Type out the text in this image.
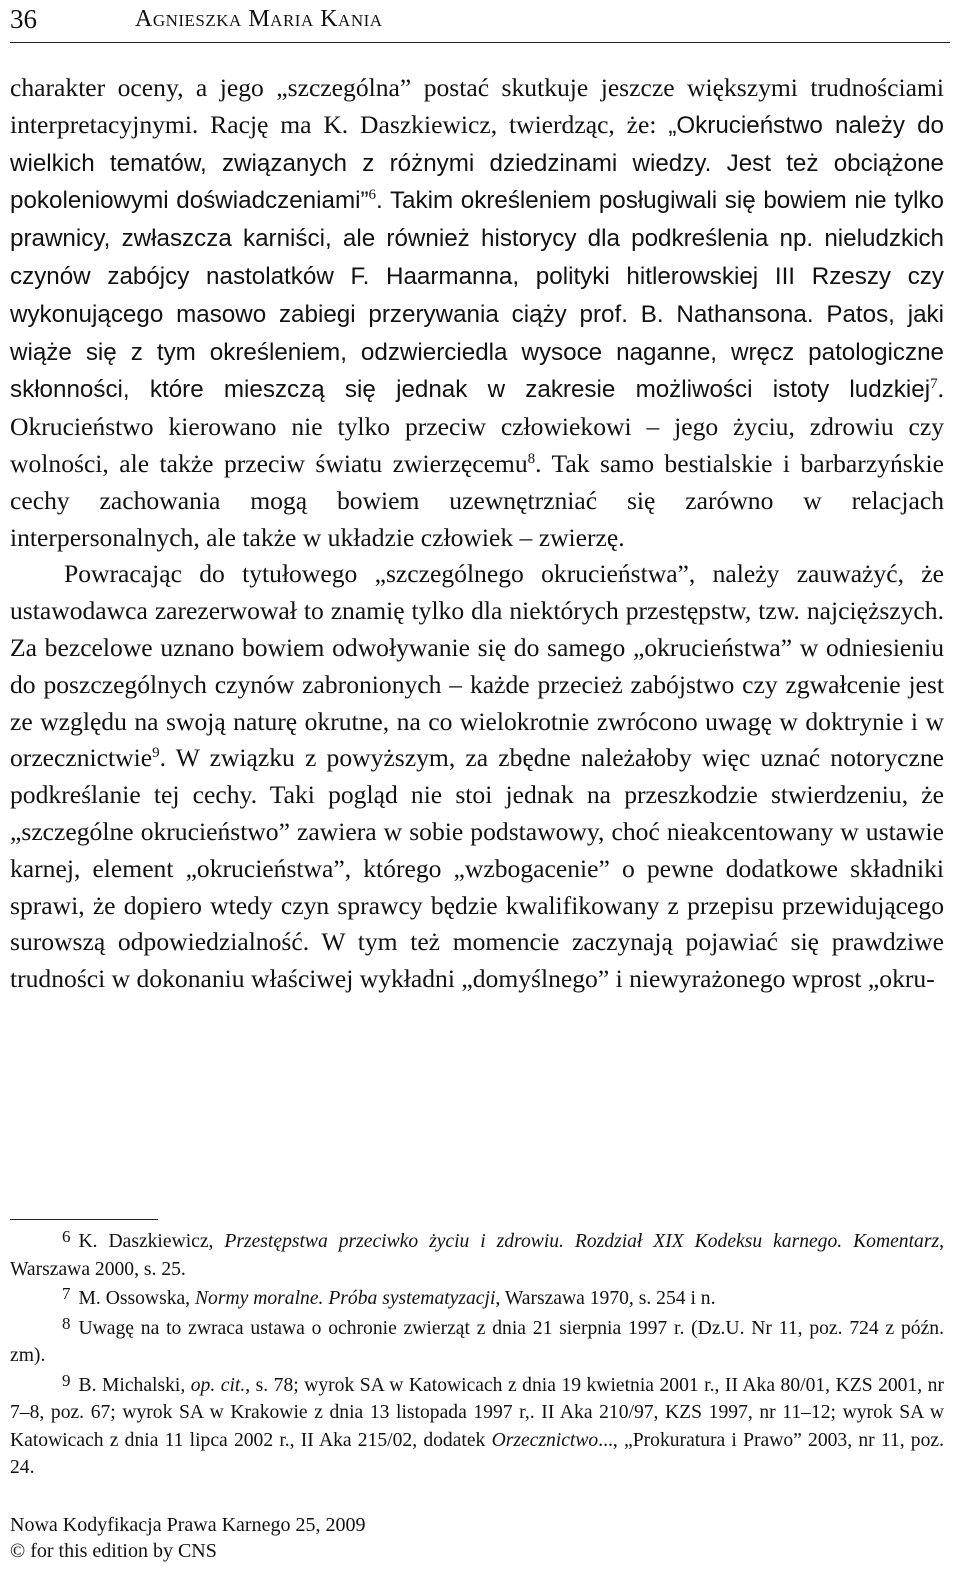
36	Agnieszka Maria Kania

charakter oceny, a jego „szczególna” postać skutkuje jeszcze większymi trudnościami interpretacyjnymi. Rację ma K. Daszkiewicz, twierdząc, że: „Okrucieństwo należy do wielkich tematów, związanych z różnymi dziedzinami wiedzy. Jest też obciążone pokoleniowymi doświadczeniami”$^6$. Takim określeniem posługiwali się bowiem nie tylko prawnicy, zwłaszcza karniści, ale również historycy dla podkreślenia np. nieludzkich czynów zabójcy nastolatków F. Haarmanna, polityki hitlerowskiej III Rzeszy czy wykonującego masowo zabiegi przerywania ciąży prof. B. Nathansona. Patos, jaki wiąże się z tym określeniem, odzwierciedla wysoce naganne, wręcz patologiczne skłonności, które mieszczą się jednak w zakresie możliwości istoty ludzkiej$^7$. Okrucieństwo kierowano nie tylko przeciw człowiekowi – jego życiu, zdrowiu czy wolności, ale także przeciw światu zwierzęcemu$^8$. Tak samo bestialskie i barbarzyńskie cechy zachowania mogą bowiem uzewnętrzniać się zarówno w relacjach interpersonalnych, ale także w układzie człowiek – zwierzę.

Powracając do tytułowego „szczególnego okrucieństwa”, należy zauważyć, że ustawodawca zarezerwował to znamię tylko dla niektórych przestępstw, tzw. najcięższych. Za bezcelowe uznano bowiem odwoływanie się do samego „okrucieństwa” w odniesieniu do poszczególnych czynów zabronionych – każde przecież zabójstwo czy zgwałcenie jest ze względu na swoją naturę okrutne, na co wielokrotnie zwrócono uwagę w doktrynie i w orzecznictwie$^9$. W związku z powyższym, za zbędne należałoby więc uznać notoryczne podkreślanie tej cechy. Taki pogląd nie stoi jednak na przeszkodzie stwierdzeniu, że „szczególne okrucieństwo” zawiera w sobie podstawowy, choć nieakcentowany w ustawie karnej, element „okrucieństwa”, którego „wzbogacenie” o pewne dodatkowe składniki sprawi, że dopiero wtedy czyn sprawcy będzie kwalifikowany z przepisu przewidującego surowszą odpowiedzialność. W tym też momencie zaczynają pojawiać się prawdziwe trudności w dokonaniu właściwej wykładni „domyślnego” i niewyrażonego wprost „okru-

6 K. Daszkiewicz, Przestępstwa przeciwko życiu i zdrowiu. Rozdział XIX Kodeksu karnego. Komentarz, Warszawa 2000, s. 25.

7 M. Ossowska, Normy moralne. Próba systematyzacji, Warszawa 1970, s. 254 i n.

8 Uwagę na to zwraca ustawa o ochronie zwierząt z dnia 21 sierpnia 1997 r. (Dz.U. Nr 11, poz. 724 z późn. zm).

9 B. Michalski, op. cit., s. 78; wyrok SA w Katowicach z dnia 19 kwietnia 2001 r., II Aka 80/01, KZS 2001, nr 7–8, poz. 67; wyrok SA w Krakowie z dnia 13 listopada 1997 r,. II Aka 210/97, KZS 1997, nr 11–12; wyrok SA w Katowicach z dnia 11 lipca 2002 r., II Aka 215/02, dodatek Orzecznictwo..., „Prokuratura i Prawo” 2003, nr 11, poz. 24.

Nowa Kodyfikacja Prawa Karnego 25, 2009
© for this edition by CNS
